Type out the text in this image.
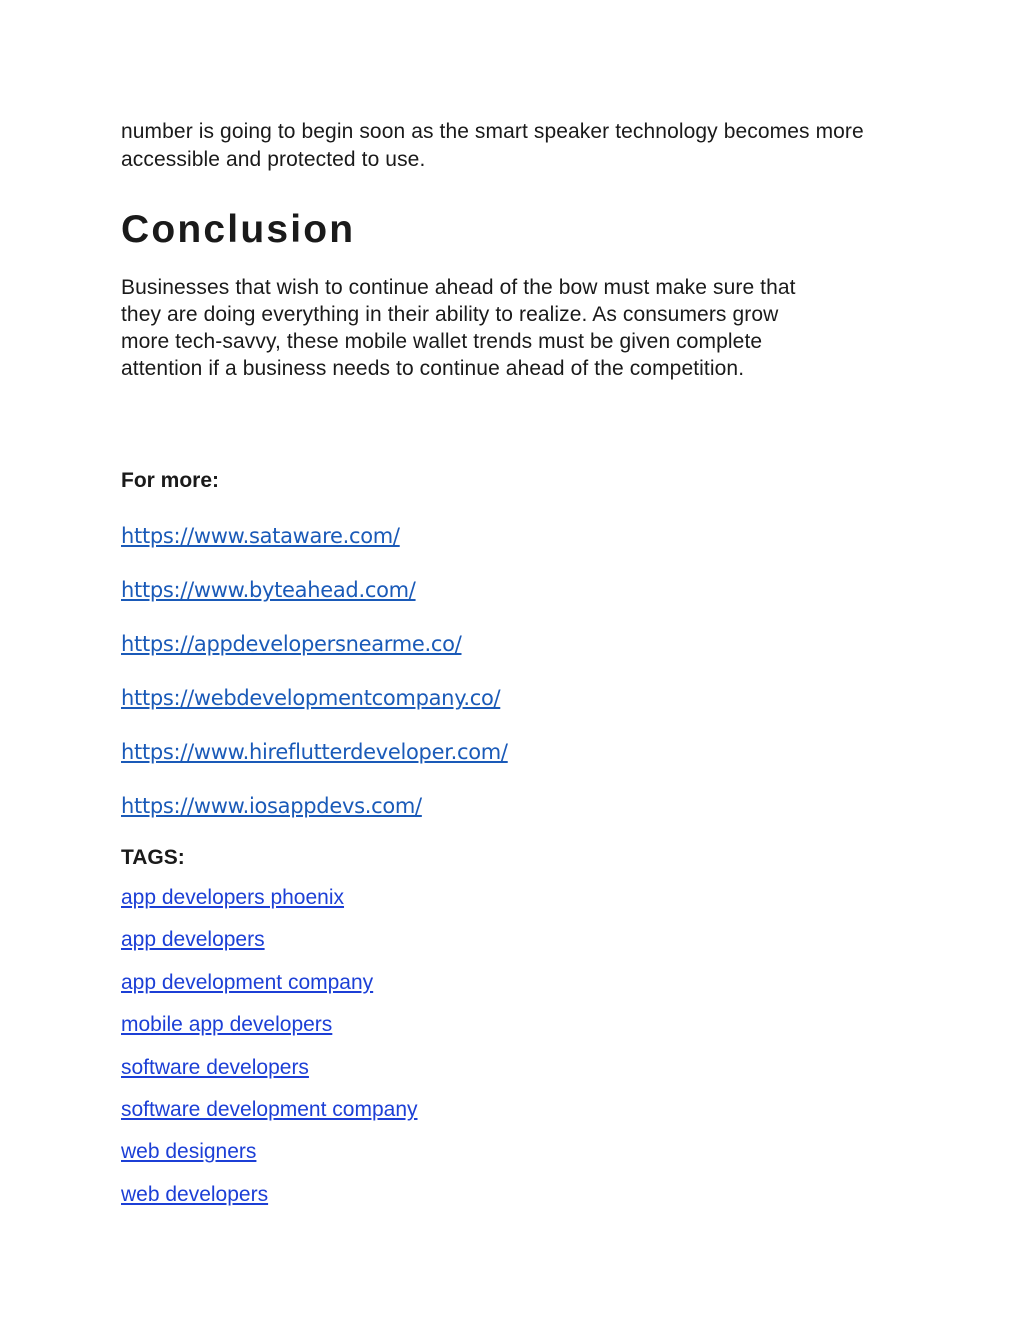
number is going to begin soon as the smart speaker technology becomes more accessible and protected to use.

Conclusion

Businesses that wish to continue ahead of the bow must make sure that
they are doing everything in their ability to realize. As consumers grow
more tech-savvy, these mobile wallet trends must be given complete
attention if a business needs to continue ahead of the competition.

For more:

https://www.sataware.com/
https://www.byteahead.com/
https://appdevelopersnearme.co/
https://webdevelopmentcompany.co/
https://www.hireflutterdeveloper.com/
https://www.iosappdevs.com/

TAGS:

app developers phoenix
app developers
app development company
mobile app developers
software developers
software development company
web designers
web developers
